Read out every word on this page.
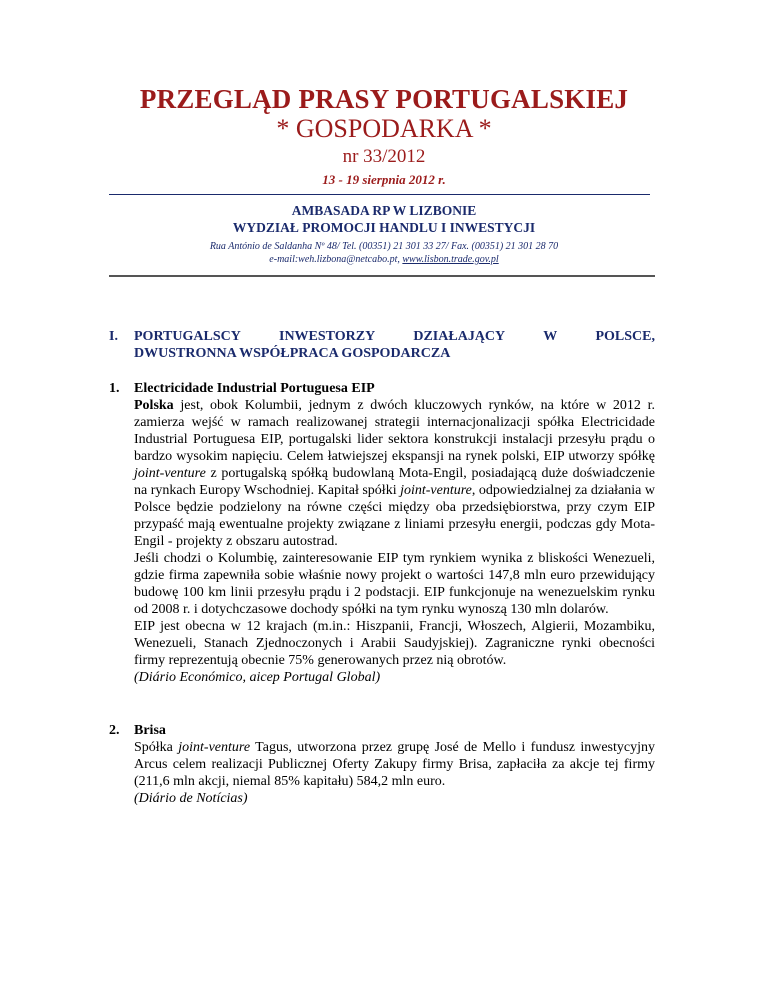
PRZEGLĄD PRASY PORTUGALSKIEJ
* GOSPODARKA *
nr 33/2012
13 - 19 sierpnia 2012 r.
AMBASADA RP W LIZBONIE
WYDZIAŁ PROMOCJI HANDLU I INWESTYCJI
Rua António de Saldanha Nº 48/ Tel. (00351) 21 301 33 27/ Fax. (00351) 21 301 28 70
e-mail:weh.lizbona@netcabo.pt, www.lisbon.trade.gov.pl
I. PORTUGALSCY	INWESTORZY	DZIAŁAJĄCY	W	POLSCE,
DWUSTRONNA WSPÓŁPRACA GOSPODARCZA
1. Electricidade Industrial Portuguesa EIP

Polska jest, obok Kolumbii, jednym z dwóch kluczowych rynków, na które w 2012 r. zamierza wejść w ramach realizowanej strategii internacjonalizacji spółka Electricidade Industrial Portuguesa EIP, portugalski lider sektora konstrukcji instalacji przesyłu prądu o bardzo wysokim napięciu. Celem łatwiejszej ekspansji na rynek polski, EIP utworzy spółkę joint-venture z portugalską spółką budowlaną Mota-Engil, posiadającą duże doświadczenie na rynkach Europy Wschodniej. Kapitał spółki joint-venture, odpowiedzialnej za działania w Polsce będzie podzielony na równe części między oba przedsiębiorstwa, przy czym EIP przypaść mają ewentualne projekty związane z liniami przesyłu energii, podczas gdy Mota-Engil - projekty z obszaru autostrad.

Jeśli chodzi o Kolumbię, zainteresowanie EIP tym rynkiem wynika z bliskości Wenezueli, gdzie firma zapewniła sobie właśnie nowy projekt o wartości 147,8 mln euro przewidujący budowę 100 km linii przesyłu prądu i 2 podstacji. EIP funkcjonuje na wenezuelskim rynku od 2008 r. i dotychczasowe dochody spółki na tym rynku wynoszą 130 mln dolarów.

EIP jest obecna w 12 krajach (m.in.: Hiszpanii, Francji, Włoszech, Algierii, Mozambiku, Wenezueli, Stanach Zjednoczonych i Arabii Saudyjskiej). Zagraniczne rynki obecności firmy reprezentują obecnie 75% generowanych przez nią obrotów.

(Diário Económico, aicep Portugal Global)

2. Brisa

Spółka joint-venture Tagus, utworzona przez grupę José de Mello i fundusz inwestycyjny Arcus celem realizacji Publicznej Oferty Zakupy firmy Brisa, zapłaciła za akcje tej firmy (211,6 mln akcji, niemal 85% kapitału) 584,2 mln euro.

(Diário de Notícias)
